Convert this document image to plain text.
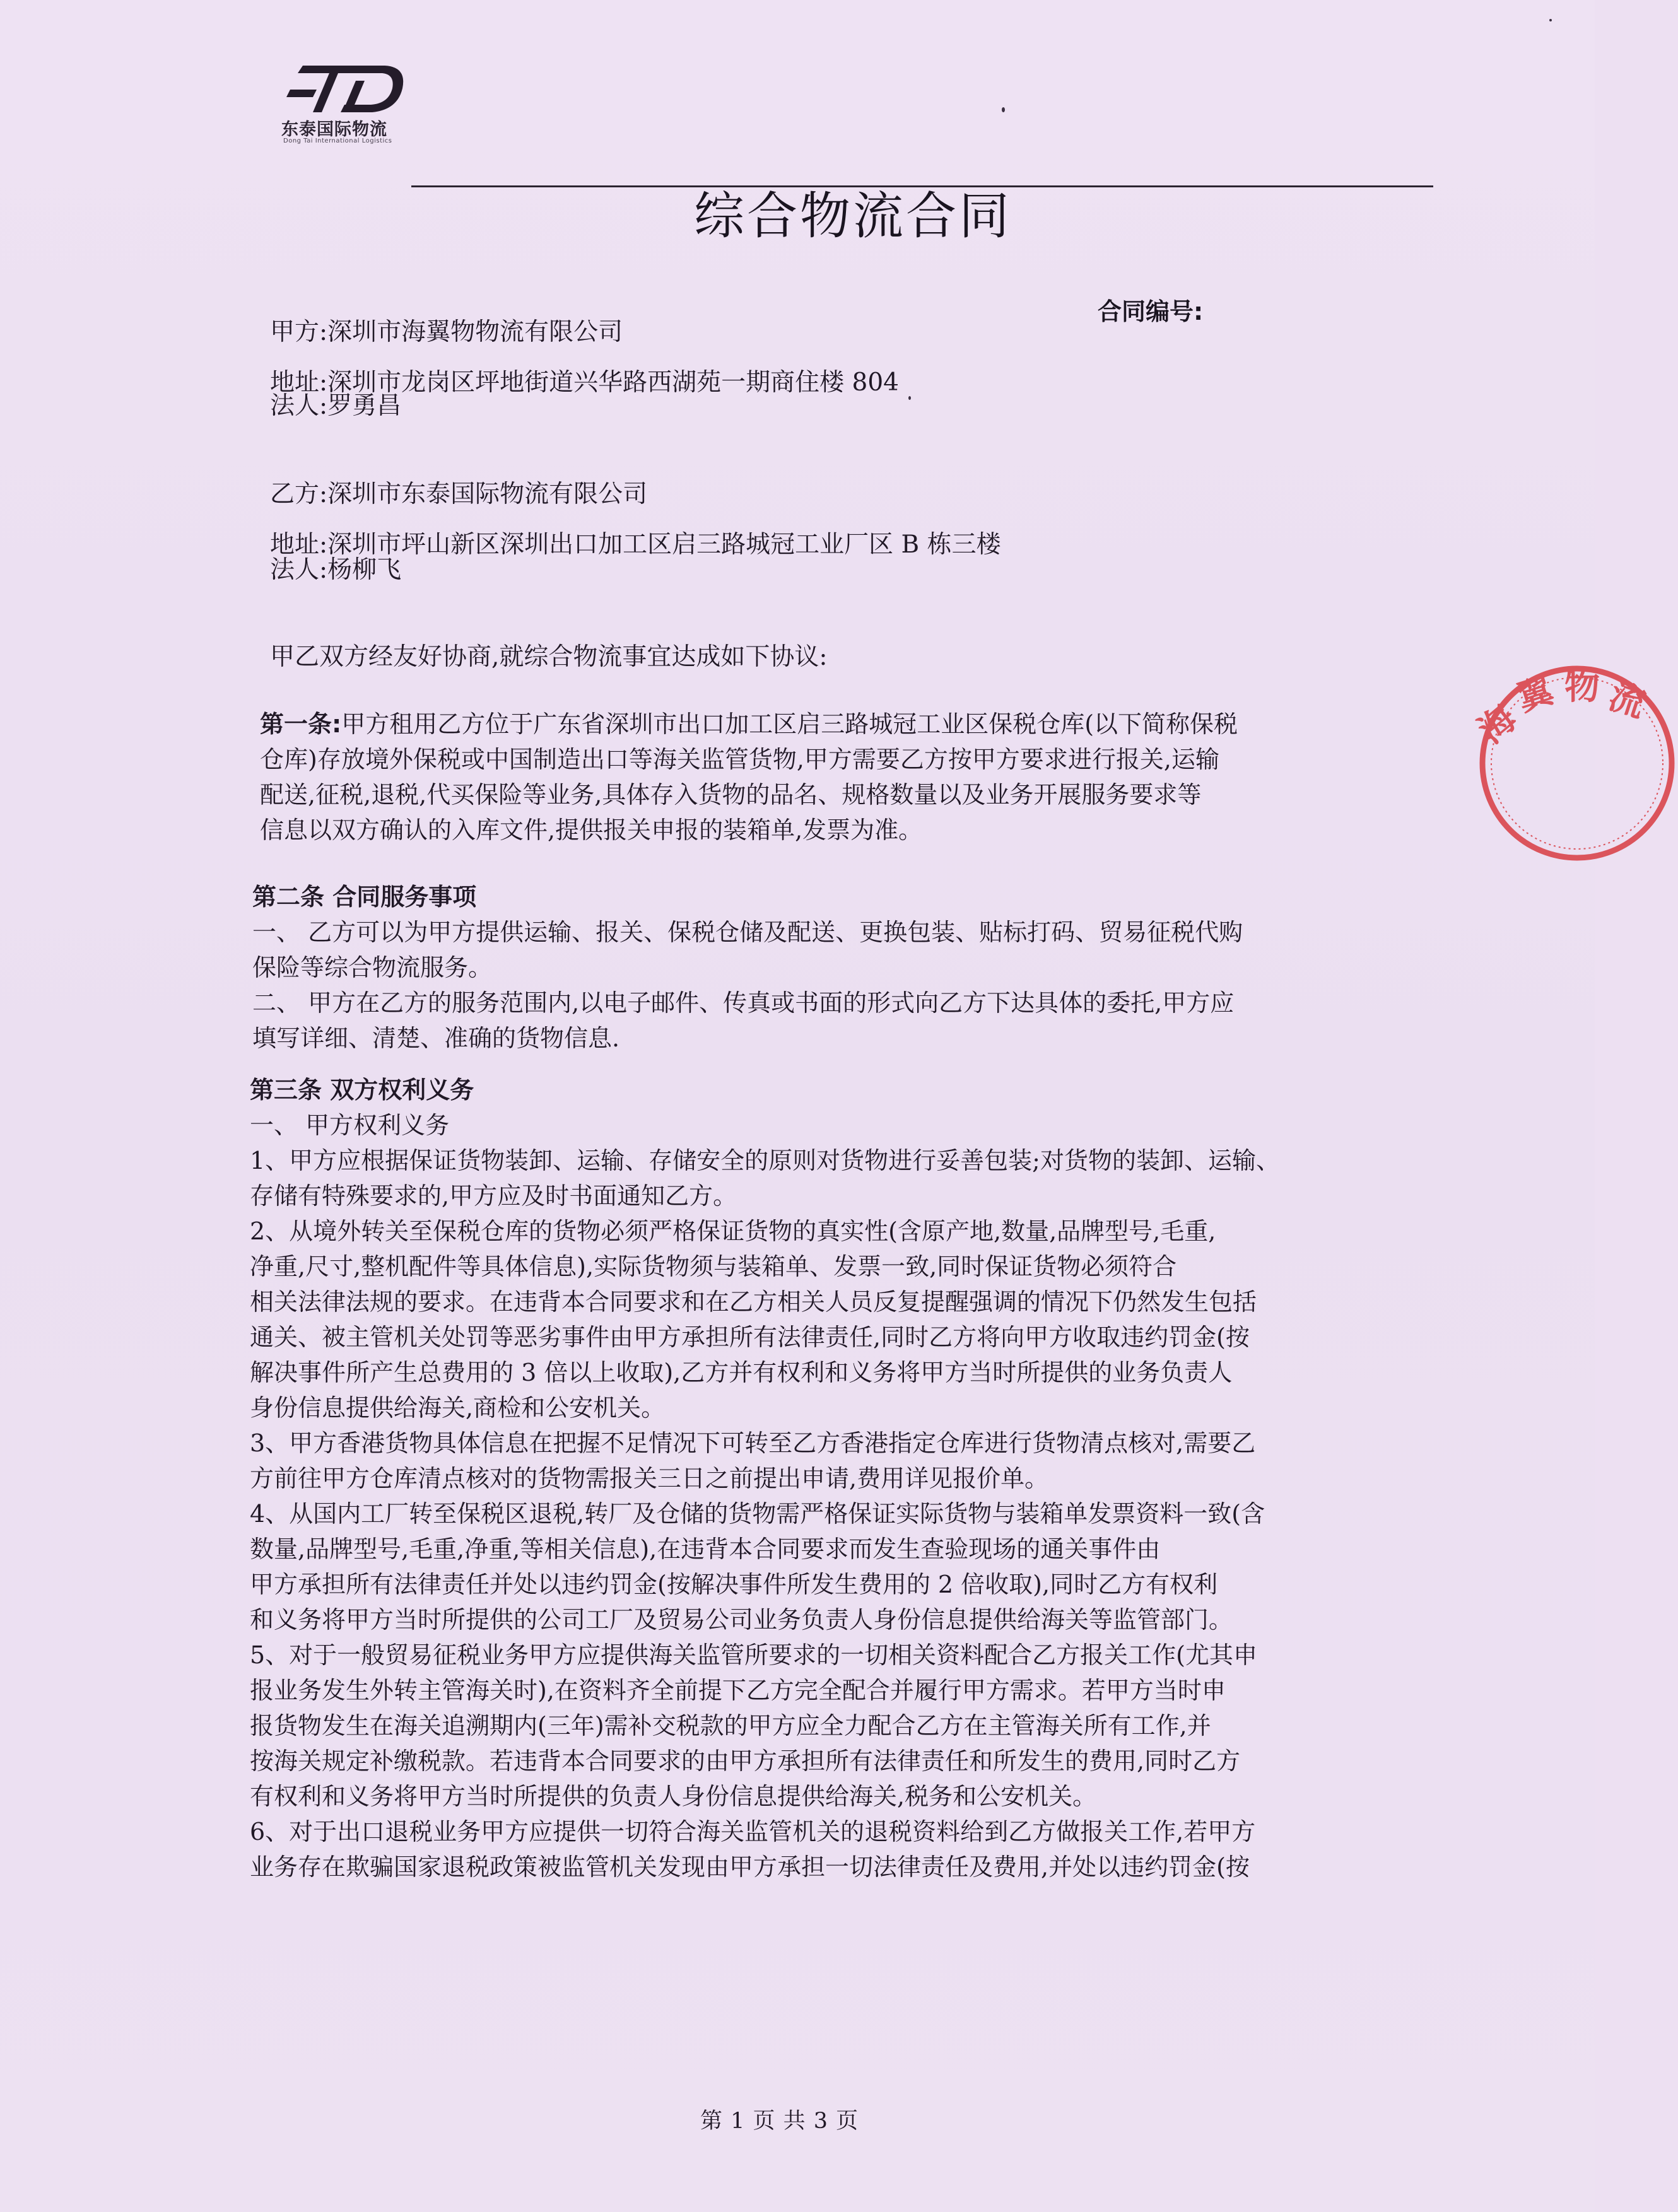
东泰国际物流
Dong Tai International Logistics
综合物流合同
合同编号:
甲方:深圳市海翼物物流有限公司
地址:深圳市龙岗区坪地街道兴华路西湖苑一期商住楼 804
法人:罗勇昌
乙方:深圳市东泰国际物流有限公司
地址:深圳市坪山新区深圳出口加工区启三路城冠工业厂区 B 栋三楼
法人:杨柳飞
甲乙双方经友好协商,就综合物流事宜达成如下协议:
第一条:甲方租用乙方位于广东省深圳市出口加工区启三路城冠工业区保税仓库(以下简称保税
仓库)存放境外保税或中国制造出口等海关监管货物,甲方需要乙方按甲方要求进行报关,运输
配送,征税,退税,代买保险等业务,具体存入货物的品名、规格数量以及业务开展服务要求等
信息以双方确认的入库文件,提供报关申报的装箱单,发票为准。
第二条 合同服务事项
一、 乙方可以为甲方提供运输、报关、保税仓储及配送、更换包装、贴标打码、贸易征税代购
保险等综合物流服务。
二、 甲方在乙方的服务范围内,以电子邮件、传真或书面的形式向乙方下达具体的委托,甲方应
填写详细、清楚、准确的货物信息.
第三条 双方权利义务
一、 甲方权利义务
1、甲方应根据保证货物装卸、运输、存储安全的原则对货物进行妥善包装;对货物的装卸、运输、
存储有特殊要求的,甲方应及时书面通知乙方。
2、从境外转关至保税仓库的货物必须严格保证货物的真实性(含原产地,数量,品牌型号,毛重,
净重,尺寸,整机配件等具体信息),实际货物须与装箱单、发票一致,同时保证货物必须符合
相关法律法规的要求。在违背本合同要求和在乙方相关人员反复提醒强调的情况下仍然发生包括
通关、被主管机关处罚等恶劣事件由甲方承担所有法律责任,同时乙方将向甲方收取违约罚金(按
解决事件所产生总费用的 3 倍以上收取),乙方并有权利和义务将甲方当时所提供的业务负责人
身份信息提供给海关,商检和公安机关。
3、甲方香港货物具体信息在把握不足情况下可转至乙方香港指定仓库进行货物清点核对,需要乙
方前往甲方仓库清点核对的货物需报关三日之前提出申请,费用详见报价单。
4、从国内工厂转至保税区退税,转厂及仓储的货物需严格保证实际货物与装箱单发票资料一致(含
数量,品牌型号,毛重,净重,等相关信息),在违背本合同要求而发生查验现场的通关事件由
甲方承担所有法律责任并处以违约罚金(按解决事件所发生费用的 2 倍收取),同时乙方有权利
和义务将甲方当时所提供的公司工厂及贸易公司业务负责人身份信息提供给海关等监管部门。
5、对于一般贸易征税业务甲方应提供海关监管所要求的一切相关资料配合乙方报关工作(尤其申
报业务发生外转主管海关时),在资料齐全前提下乙方完全配合并履行甲方需求。若甲方当时申
报货物发生在海关追溯期内(三年)需补交税款的甲方应全力配合乙方在主管海关所有工作,并
按海关规定补缴税款。若违背本合同要求的由甲方承担所有法律责任和所发生的费用,同时乙方
有权利和义务将甲方当时所提供的负责人身份信息提供给海关,税务和公安机关。
6、对于出口退税业务甲方应提供一切符合海关监管机关的退税资料给到乙方做报关工作,若甲方
业务存在欺骗国家退税政策被监管机关发现由甲方承担一切法律责任及费用,并处以违约罚金(按
第 1 页 共 3 页
海
翼 物 流
